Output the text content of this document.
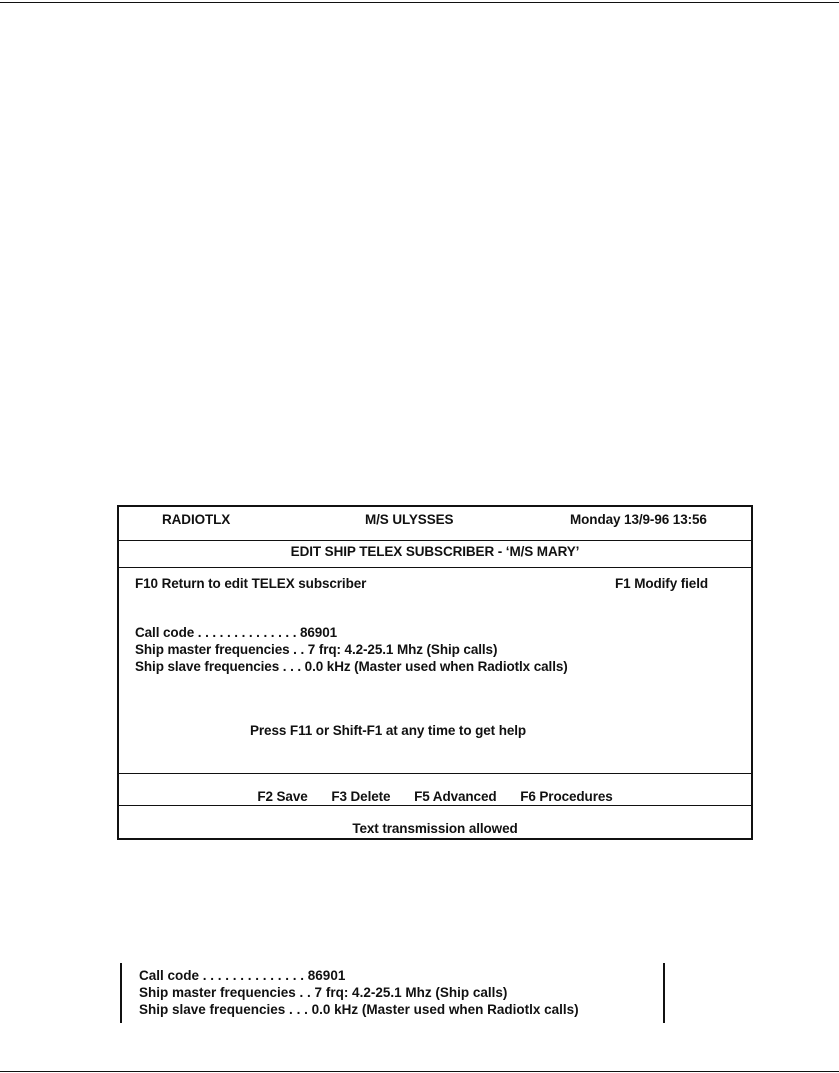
RADIOTLX	M/S ULYSSES	Monday 13/9-96 13:56
EDIT SHIP TELEX SUBSCRIBER - ‘M/S MARY’
F10 Return to edit TELEX subscriber	F1 Modify field
Call code . . . . . . . . . . . . . . 86901
Ship master frequencies . . 7 frq: 4.2-25.1 Mhz (Ship calls)
Ship slave frequencies . . . 0.0 kHz (Master used when Radiotlx calls)
Press F11 or Shift-F1 at any time to get help
F2 Save F3 Delete F5 Advanced F6 Procedures
Text transmission allowed
Call code . . . . . . . . . . . . . . 86901
Ship master frequencies . . 7 frq: 4.2-25.1 Mhz (Ship calls)
Ship slave frequencies . . . 0.0 kHz (Master used when Radiotlx calls)
